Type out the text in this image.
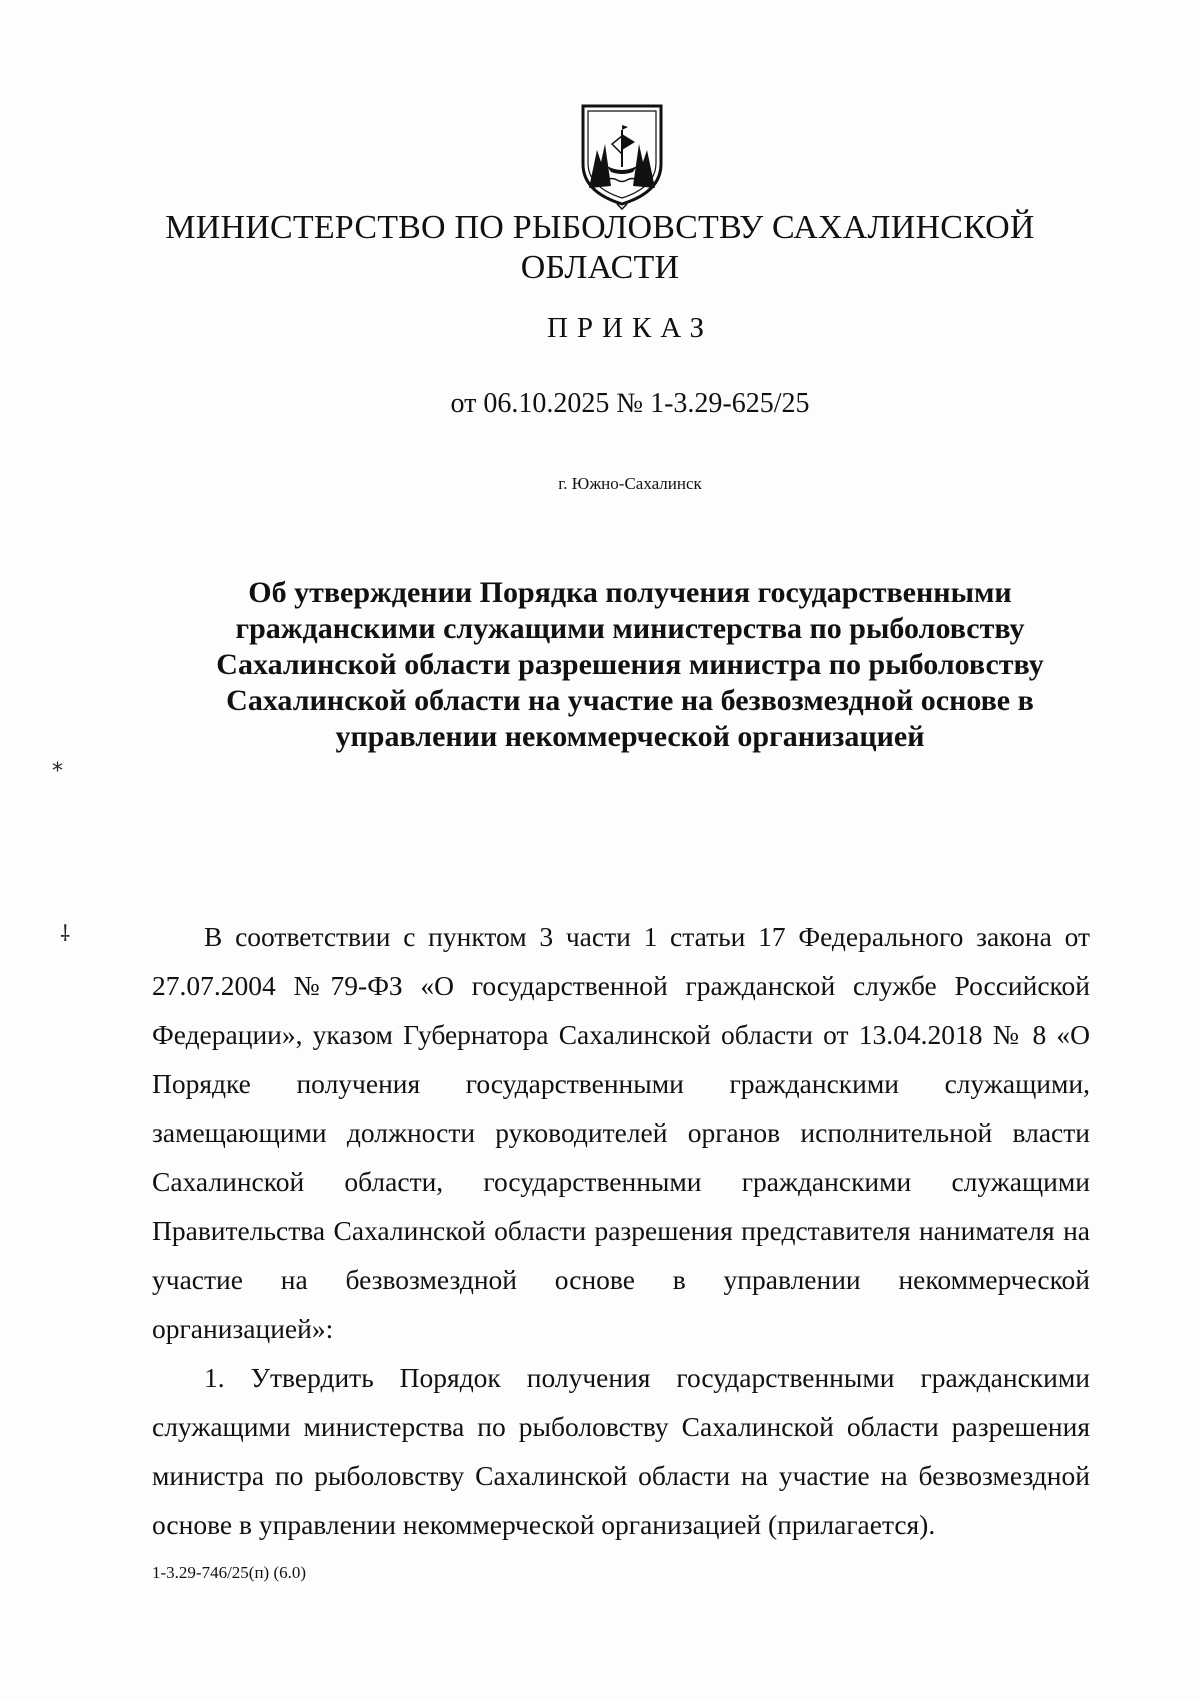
МИНИСТЕРСТВО ПО РЫБОЛОВСТВУ САХАЛИНСКОЙ ОБЛАСТИ
ПРИКАЗ
от 06.10.2025 № 1-3.29-625/25
г. Южно-Сахалинск
Об утверждении Порядка получения государственными гражданскими служащими министерства по рыболовству Сахалинской области разрешения министра по рыболовству Сахалинской области на участие на безвозмездной основе в управлении некоммерческой организацией

В соответствии с пунктом 3 части 1 статьи 17 Федерального закона от 27.07.2004 №79-ФЗ «О государственной гражданской службе Российской Федерации», указом Губернатора Сахалинской области от 13.04.2018 № 8 «О Порядке получения государственными гражданскими служащими, замещающими должности руководителей органов исполнительной власти Сахалинской области, государственными гражданскими служащими Правительства Сахалинской области разрешения представителя нанимателя на участие на безвозмездной основе в управлении некоммерческой организацией»:

1. Утвердить Порядок получения государственными гражданскими служащими министерства по рыболовству Сахалинской области разрешения министра по рыболовству Сахалинской области на участие на безвозмездной основе в управлении некоммерческой организацией (прилагается).

1-3.29-746/25(п) (6.0)
⁎
⸸
